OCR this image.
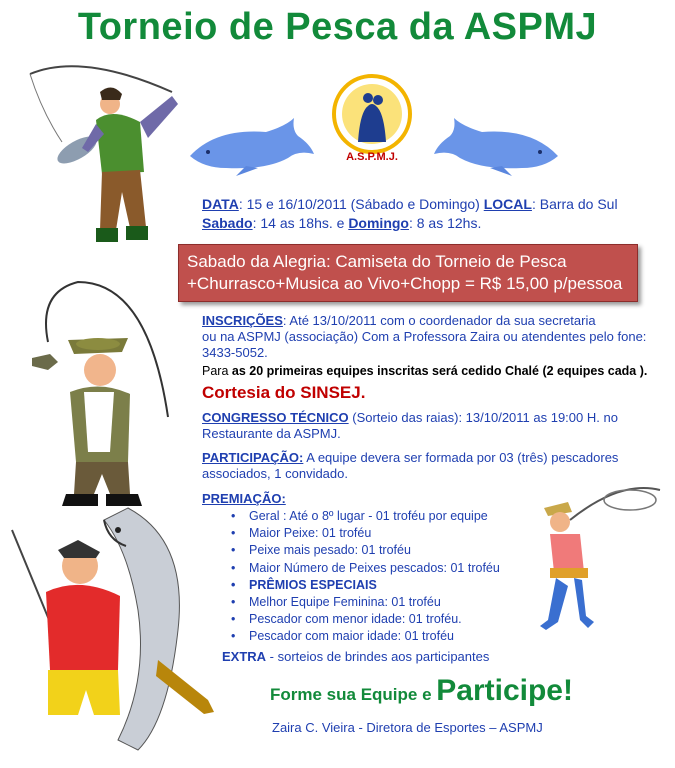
Torneio de Pesca da ASPMJ
A.S.P.M.J.
DATA: 15 e 16/10/2011 (Sábado e Domingo) LOCAL: Barra do Sul
Sabado: 14 as 18hs. e Domingo: 8 as 12hs.
Sabado da Alegria: Camiseta do Torneio de Pesca
+Churrasco+Musica ao Vivo+Chopp = R$ 15,00 p/pessoa
INSCRIÇÕES: Até 13/10/2011 com o coordenador da sua secretaria
ou na ASPMJ (associação) Com a Professora Zaira ou atendentes pelo fone:
3433-5052.
Para as 20 primeiras equipes inscritas será cedido Chalé (2 equipes cada ).
Cortesia do SINSEJ.
CONGRESSO TÉCNICO (Sorteio das raias): 13/10/2011 as 19:00 H. no
Restaurante da ASPMJ.
PARTICIPAÇÃO: A equipe devera ser formada por 03 (três) pescadores
associados, 1 convidado.
PREMIAÇÃO:
• Geral : Até o 8º lugar - 01 troféu por equipe
• Maior Peixe: 01 troféu
• Peixe mais pesado: 01 troféu
• Maior Número de Peixes pescados: 01 troféu
• PRÊMIOS ESPECIAIS
• Melhor Equipe Feminina: 01 troféu
• Pescador com menor idade: 01 troféu.
• Pescador com maior idade: 01 troféu
EXTRA - sorteios de brindes aos participantes
Forme sua Equipe e Participe!
Zaira C. Vieira - Diretora de Esportes – ASPMJ
